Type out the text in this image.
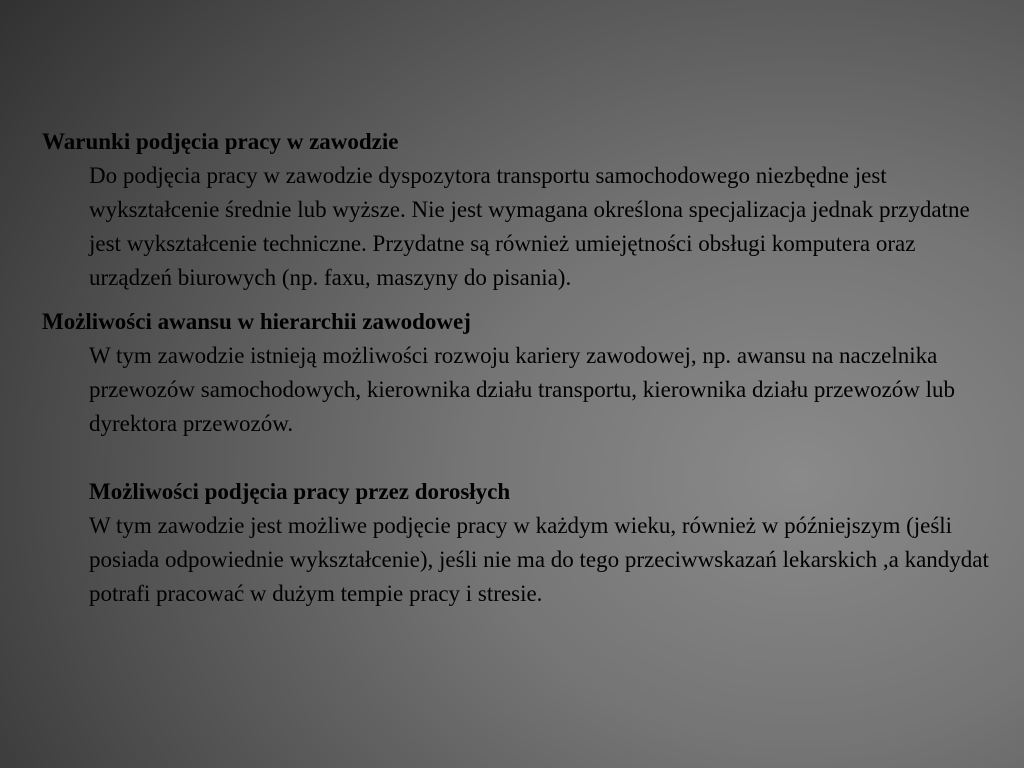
Warunki podjęcia pracy w zawodzie

Do podjęcia pracy w zawodzie dyspozytora transportu samochodowego niezbędne jest wykształcenie średnie lub wyższe. Nie jest wymagana określona specjalizacja jednak przydatne jest wykształcenie techniczne. Przydatne są również umiejętności obsługi komputera oraz urządzeń biurowych (np. faxu, maszyny do pisania).

Możliwości awansu w hierarchii zawodowej

W tym zawodzie istnieją możliwości rozwoju kariery zawodowej, np. awansu na naczelnika przewozów samochodowych, kierownika działu transportu, kierownika działu przewozów lub dyrektora przewozów.

Możliwości podjęcia pracy przez dorosłych

W tym zawodzie jest możliwe podjęcie pracy w każdym wieku, również w późniejszym (jeśli posiada odpowiednie wykształcenie), jeśli nie ma do tego przeciwwskazań lekarskich ,a kandydat potrafi pracować w dużym tempie pracy i stresie.
